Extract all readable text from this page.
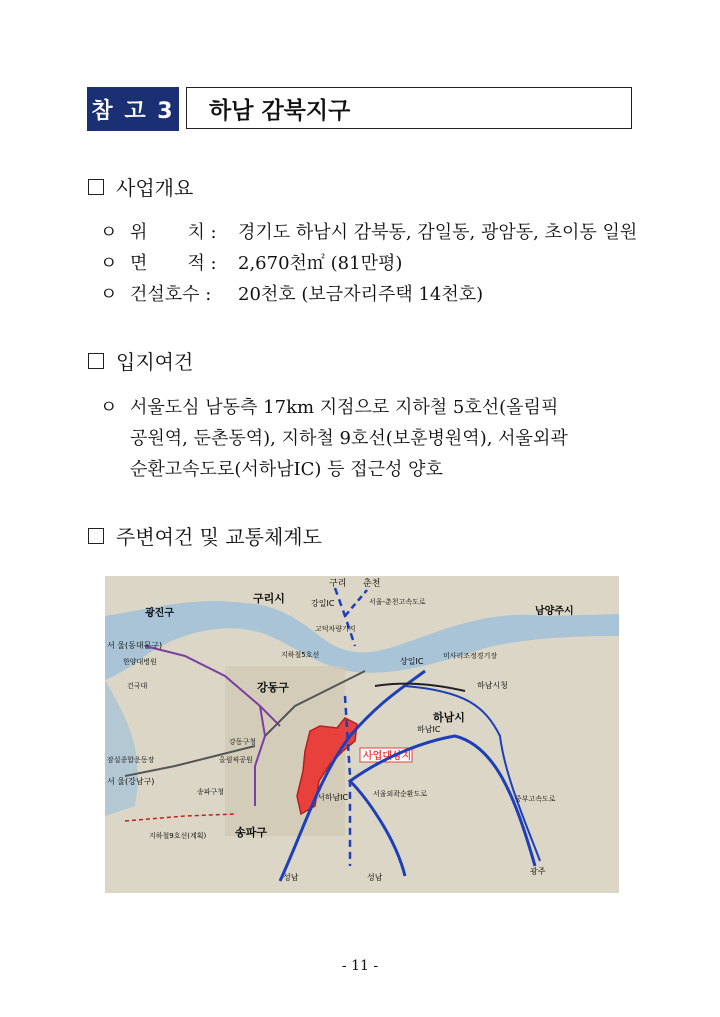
참 고 3	하남 감북지구
사업개요
ㅇ 위       치 :	경기도 하남시 감북동, 감일동, 광암동, 초이동 일원
ㅇ 면       적 :	2,670천㎡ (81만평)
ㅇ 건설호수 :	20천호 (보금자리주택 14천호)
입지여건
ㅇ 서울도심 남동측 17km 지점으로 지하철 5호선(올림픽
공원역, 둔촌동역), 지하철 9호선(보훈병원역), 서울외곽
순환고속도로(서하남IC) 등 접근성 양호
주변여건 및 교통체계도
사업대상지
구리 춘천
구리시
광진구	남양주시
강동구
하남시
송파구
서 울(동대문구)
서 울(강남구)
서하남IC
상일IC
하남IC
강일IC
성남	성남
광주
하남시청
강동구청
올림픽공원
송파구청
건국대
한양대병원
미사리조정경기장
고덕차량기지
잠실종합운동장
지하철5호선
지하철9호선(계획)
서울외곽순환도로
중부고속도로
서울-춘천고속도로
- 11 -
